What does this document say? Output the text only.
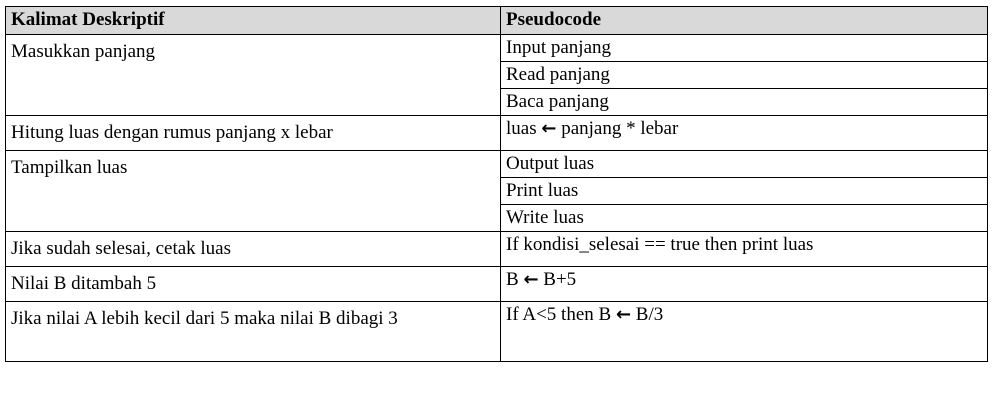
Kalimat Deskriptif	Pseudocode
Masukkan panjang	Input panjang
	Read panjang
	Baca panjang
Hitung luas dengan rumus panjang x lebar	luas ← panjang * lebar
Tampilkan luas	Output luas
	Print luas
	Write luas
Jika sudah selesai, cetak luas	If kondisi_selesai == true then print luas
Nilai B ditambah 5	B ← B+5
Jika nilai A lebih kecil dari 5 maka nilai B dibagi 3	If A<5 then B ← B/3
